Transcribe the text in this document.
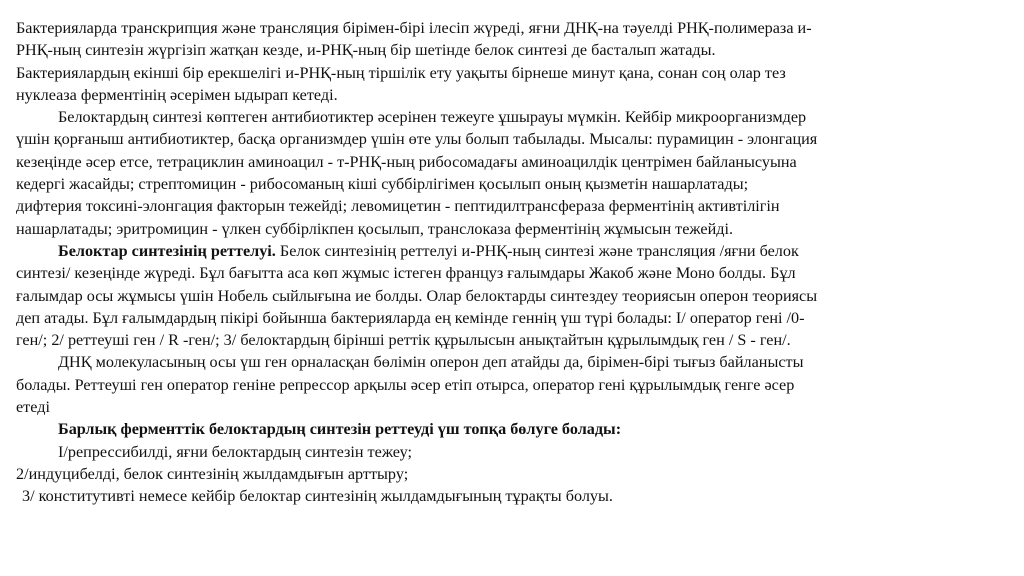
Бактерияларда транскрипция және трансляция бірімен-бірі ілесіп жүреді, яғни ДНҚ-на тәуелді РНҚ-полимераза и-
РНҚ-ның синтезін жүргізіп жатқан кезде, и-РНҚ-ның бір шетінде белок синтезі де басталып жатады.
Бактериялардың екінші бір ерекшелігі и-РНҚ-ның тіршілік ету уақыты бірнеше минут қана, сонан соң олар тез
нуклеаза ферментінің әсерімен ыдырап кетеді.
Белоктардың синтезі көптеген антибиотиктер әсерінен тежеуге ұшырауы мүмкін. Кейбір микроорганизмдер
үшін қорғаныш антибиотиктер, басқа организмдер үшін өте улы болып табылады. Мысалы: пурамицин - элонгация
кезеңінде әсер етсе, тетрациклин аминоацил - т-РНҚ-ның рибосомадағы аминоацилдік центрімен байланысуына
кедергі жасайды; стрептомицин - рибосоманың кіші суббірлігімен қосылып оның қызметін нашарлатады;
дифтерия токсині-элонгация факторын тежейді; левомицетин - пептидилтрансфераза ферментінің активтілігін
нашарлатады; эритромицин - үлкен суббірлікпен қосылып, транслоказа ферментінің жұмысын тежейді.
Белоктар синтезінің реттелуі. Белок синтезінің реттелуі и-РНҚ-ның синтезі және трансляция /яғни белок
синтезі/ кезеңінде жүреді. Бұл бағытта аса көп жұмыс істеген француз ғалымдары Жакоб және Моно болды. Бұл
ғалымдар осы жұмысы үшін Нобель сыйлығына ие болды. Олар белоктарды синтездеу теориясын оперон теориясы
деп атады. Бұл ғалымдардың пікірі бойынша бактерияларда ең кемінде геннің үш түрі болады: I/ оператор гені /0-
ген/; 2/ реттеуші ген / R -ген/; 3/ белоктардың бірінші реттік құрылысын анықтайтын құрылымдық ген / S - ген/.
ДНҚ молекуласының осы үш ген орналасқан бөлімін оперон деп атайды да, бірімен-бірі тығыз байланысты
болады. Реттеуші ген оператор геніне репрессор арқылы әсер етіп отырса, оператор гені құрылымдық генге әсер
етеді
Барлық ферменттік белоктардың синтезін реттеуді үш топқа бөлуге болады:
I/репрессибилді, яғни белоктардың синтезін тежеу;
2/индуцибелді, белок синтезінің жылдамдығын арттыру;
3/ конститутивті немесе кейбір белоктар синтезінің жылдамдығының тұрақты болуы.
